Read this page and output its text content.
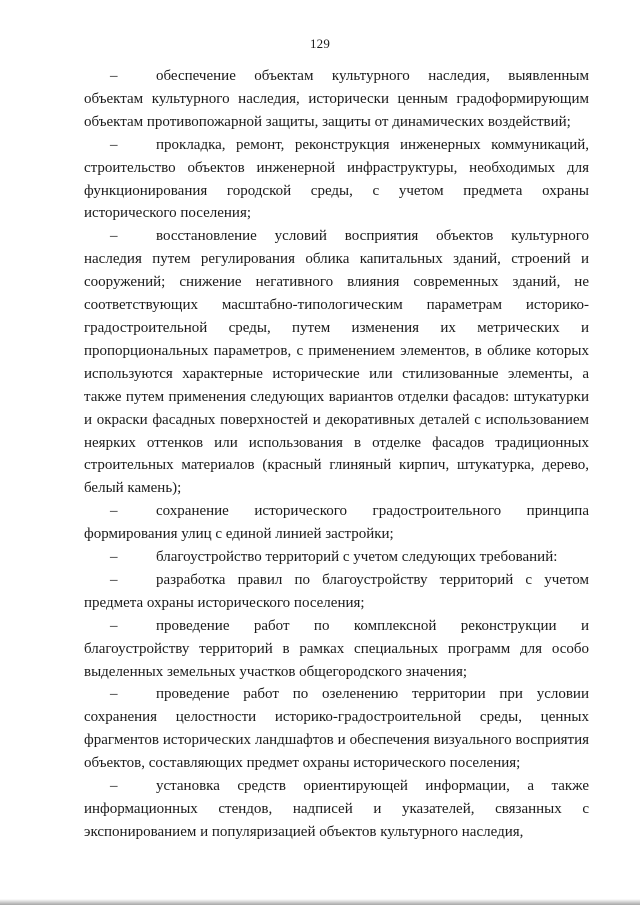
129

–	обеспечение объектам культурного наследия, выявленным объектам культурного наследия, исторически ценным градоформирующим объектам противопожарной защиты, защиты от динамических воздействий;

–	прокладка, ремонт, реконструкция инженерных коммуникаций, строительство объектов инженерной инфраструктуры, необходимых для функционирования городской среды, с учетом предмета охраны исторического поселения;

–	восстановление условий восприятия объектов культурного наследия путем регулирования облика капитальных зданий, строений и сооружений; снижение негативного влияния современных зданий, не соответствующих масштабно-типологическим параметрам историко-градостроительной среды, путем изменения их метрических и пропорциональных параметров, с применением элементов, в облике которых используются характерные исторические или стилизованные элементы, а также путем применения следующих вариантов отделки фасадов: штукатурки и окраски фасадных поверхностей и декоративных деталей с использованием неярких оттенков или использования в отделке фасадов традиционных строительных материалов (красный глиняный кирпич, штукатурка, дерево, белый камень);

–	сохранение исторического градостроительного принципа формирования улиц с единой линией застройки;

–	благоустройство территорий с учетом следующих требований:

–	разработка правил по благоустройству территорий с учетом предмета охраны исторического поселения;

–	проведение работ по комплексной реконструкции и благоустройству территорий в рамках специальных программ для особо выделенных земельных участков общегородского значения;

–	проведение работ по озеленению территории при условии сохранения целостности историко-градостроительной среды, ценных фрагментов исторических ландшафтов и обеспечения визуального восприятия объектов, составляющих предмет охраны исторического поселения;

–	установка средств ориентирующей информации, а также информационных стендов, надписей и указателей, связанных с экспонированием и популяризацией объектов культурного наследия,
